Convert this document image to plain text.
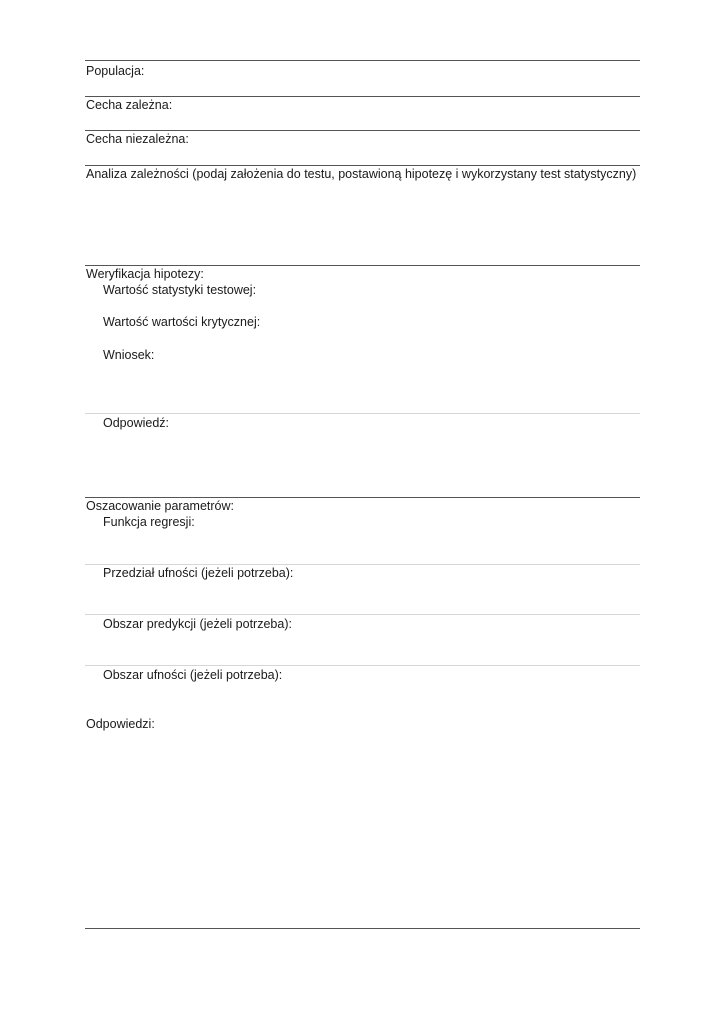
Populacja:
Cecha zależna:
Cecha niezależna:
Analiza zależności (podaj założenia do testu, postawioną hipotezę i wykorzystany test statystyczny)
Weryfikacja hipotezy:
Wartość statystyki testowej:
Wartość wartości krytycznej:
Wniosek:
Odpowiedź:
Oszacowanie parametrów:
Funkcja regresji:
Przedział ufności (jeżeli potrzeba):
Obszar predykcji (jeżeli potrzeba):
Obszar ufności (jeżeli potrzeba):
Odpowiedzi:
